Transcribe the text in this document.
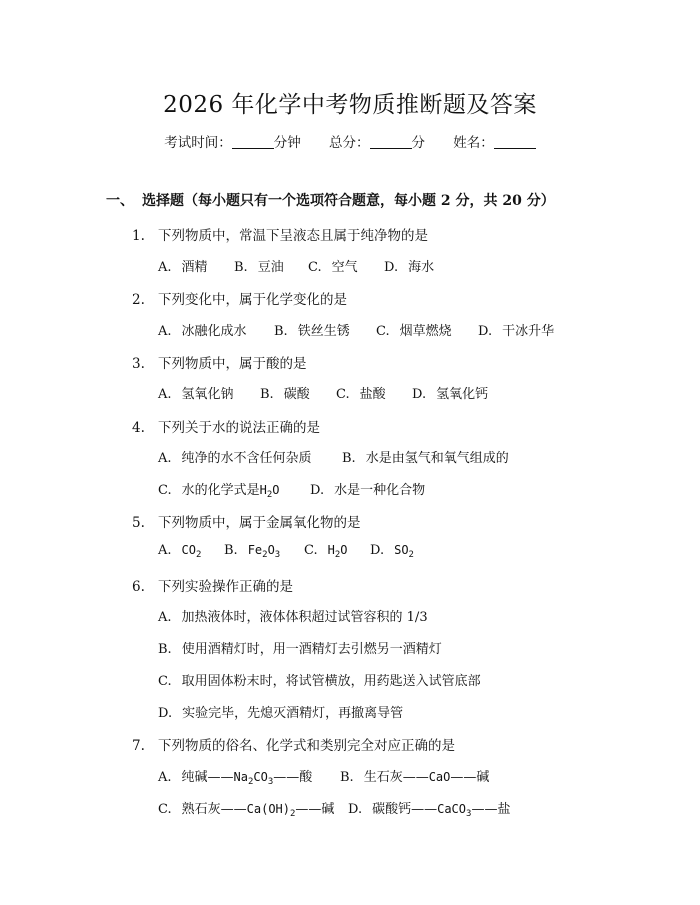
2026 年化学中考物质推断题及答案
考试时间：	分钟 总分：	分 姓名：
一、 选择题（每小题只有一个选项符合题意，每小题 2 分，共 20 分）
1. 下列物质中，常温下呈液态且属于纯净物的是
A. 酒精 B. 豆油 C. 空气 D. 海水
2. 下列变化中，属于化学变化的是
A. 冰融化成水 B. 铁丝生锈 C. 烟草燃烧 D. 干冰升华
3. 下列物质中，属于酸的是
A. 氢氧化钠 B. 碳酸 C. 盐酸 D. 氢氧化钙
4. 下列关于水的说法正确的是
A. 纯净的水不含任何杂质 B. 水是由氢气和氧气组成的
C. 水的化学式是$H_2O$ D. 水是一种化合物
5. 下列物质中，属于金属氧化物的是
A. $CO_2$ B. $Fe_2O_3$ C. $H_2O$ D. $SO_2$
6. 下列实验操作正确的是
A. 加热液体时，液体体积超过试管容积的 1/3
B. 使用酒精灯时，用一酒精灯去引燃另一酒精灯
C. 取用固体粉末时，将试管横放，用药匙送入试管底部
D. 实验完毕，先熄灭酒精灯，再撤离导管
7. 下列物质的俗名、化学式和类别完全对应正确的是
A. 纯碱$——Na_2CO_3——$酸 B. 生石灰——CaO——碱
C. 熟石灰$——Ca(OH)_2——$碱 D. 碳酸钙——CaCO$_3$——盐
